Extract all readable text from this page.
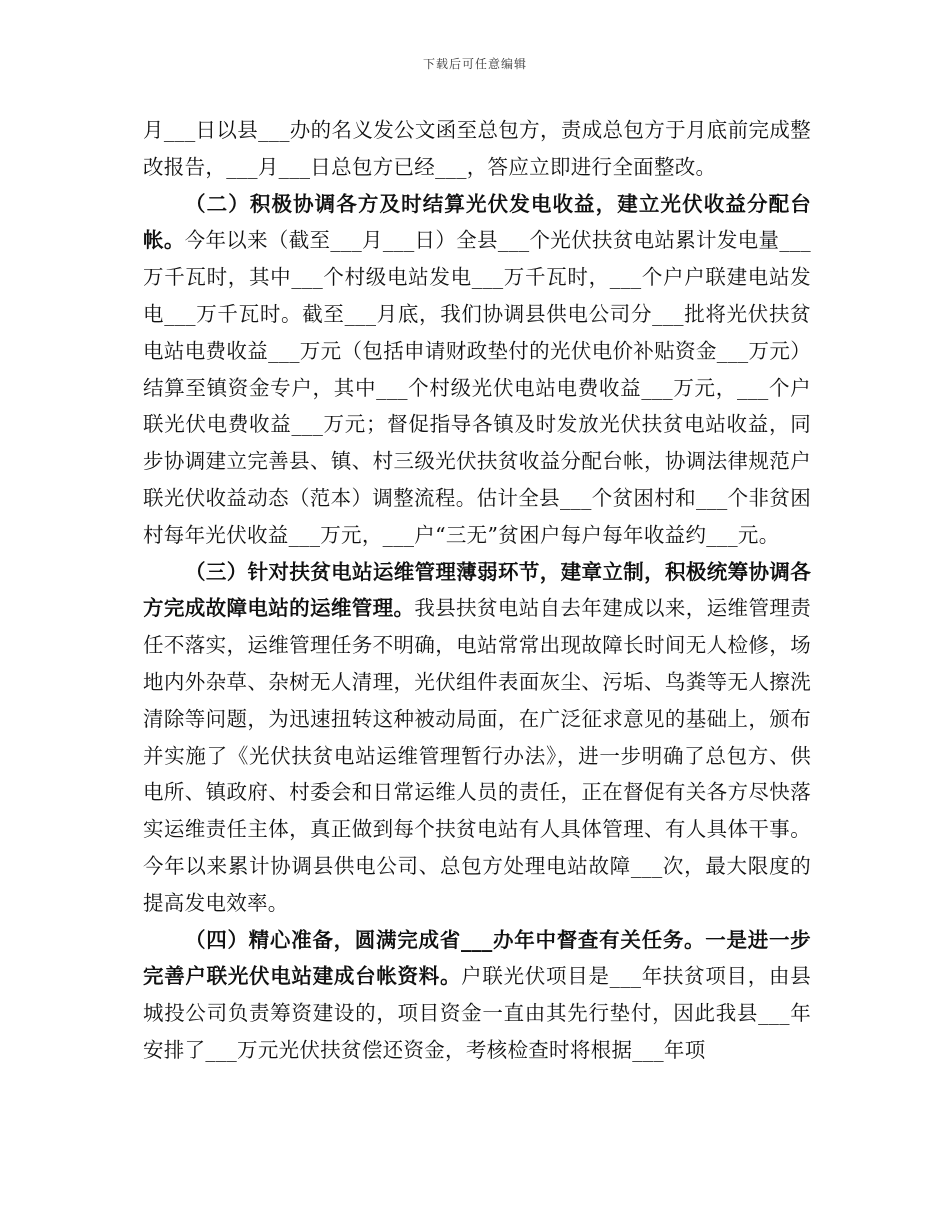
下载后可任意编辑

月___日以县___办的名义发公文函至总包方，责成总包方于月底前完成整改报告，___月___日总包方已经___，答应立即进行全面整改。

（二）积极协调各方及时结算光伏发电收益，建立光伏收益分配台帐。今年以来（截至___月___日）全县___个光伏扶贫电站累计发电量___万千瓦时，其中___个村级电站发电___万千瓦时，___个户户联建电站发电___万千瓦时。截至___月底，我们协调县供电公司分___批将光伏扶贫电站电费收益___万元（包括申请财政垫付的光伏电价补贴资金___万元）结算至镇资金专户，其中___个村级光伏电站电费收益___万元，___个户联光伏电费收益___万元；督促指导各镇及时发放光伏扶贫电站收益，同步协调建立完善县、镇、村三级光伏扶贫收益分配台帐，协调法律规范户联光伏收益动态（范本）调整流程。估计全县___个贫困村和___个非贫困村每年光伏收益___万元，___户“三无”贫困户每户每年收益约___元。

（三）针对扶贫电站运维管理薄弱环节，建章立制，积极统筹协调各方完成故障电站的运维管理。我县扶贫电站自去年建成以来，运维管理责任不落实，运维管理任务不明确，电站常常出现故障长时间无人检修，场地内外杂草、杂树无人清理，光伏组件表面灰尘、污垢、鸟粪等无人擦洗清除等问题，为迅速扭转这种被动局面，在广泛征求意见的基础上，颁布并实施了《光伏扶贫电站运维管理暂行办法》，进一步明确了总包方、供电所、镇政府、村委会和日常运维人员的责任，正在督促有关各方尽快落实运维责任主体，真正做到每个扶贫电站有人具体管理、有人具体干事。今年以来累计协调县供电公司、总包方处理电站故障___次，最大限度的提高发电效率。

（四）精心准备，圆满完成省___办年中督查有关任务。一是进一步完善户联光伏电站建成台帐资料。户联光伏项目是___年扶贫项目，由县城投公司负责筹资建设的，项目资金一直由其先行垫付，因此我县___年安排了___万元光伏扶贫偿还资金，考核检查时将根据___年项
